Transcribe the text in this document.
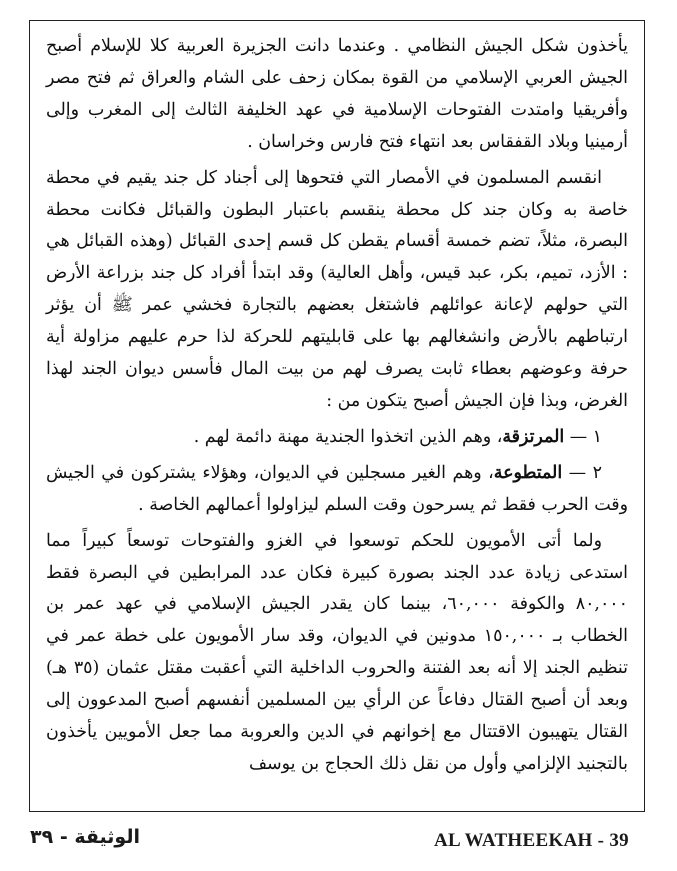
يأخذون شكل الجيش النظامي . وعندما دانت الجزيرة العربية كلا للإسلام أصبح الجيش العربي الإسلامي من القوة بمكان زحف على الشام والعراق ثم فتح مصر وأفريقيا وامتدت الفتوحات الإسلامية في عهد الخليفة الثالث إلى المغرب وإلى أرمينيا وبلاد القفقاس بعد انتهاء فتح فارس وخراسان .

انقسم المسلمون في الأمصار التي فتحوها إلى أجناد كل جند يقيم في محطة خاصة به وكان جند كل محطة ينقسم باعتبار البطون والقبائل فكانت محطة البصرة، مثلاً، تضم خمسة أقسام يقطن كل قسم إحدى القبائل (وهذه القبائل هي : الأزد، تميم، بكر، عبد قيس، وأهل العالية) وقد ابتدأ أفراد كل جند بزراعة الأرض التي حولهم لإعانة عوائلهم فاشتغل بعضهم بالتجارة فخشي عمر ﷺ أن يؤثر ارتباطهم بالأرض وانشغالهم بها على قابليتهم للحركة لذا حرم عليهم مزاولة أية حرفة وعوضهم بعطاء ثابت يصرف لهم من بيت المال فأسس ديوان الجند لهذا الغرض، وبذا فإن الجيش أصبح يتكون من :

١ — المرتزقة، وهم الذين اتخذوا الجندية مهنة دائمة لهم .

٢ — المتطوعة، وهم الغير مسجلين في الديوان، وهؤلاء يشتركون في الجيش وقت الحرب فقط ثم يسرحون وقت السلم ليزاولوا أعمالهم الخاصة .

ولما أتى الأمويون للحكم توسعوا في الغزو والفتوحات توسعاً كبيراً مما استدعى زيادة عدد الجند بصورة كبيرة فكان عدد المرابطين في البصرة فقط ٨٠,٠٠٠ والكوفة ٦٠,٠٠٠، بينما كان يقدر الجيش الإسلامي في عهد عمر بن الخطاب بـ ١٥٠,٠٠٠ مدونين في الديوان، وقد سار الأمويون على خطة عمر في تنظيم الجند إلا أنه بعد الفتنة والحروب الداخلية التي أعقبت مقتل عثمان (٣٥ هـ) وبعد أن أصبح القتال دفاعاً عن الرأي بين المسلمين أنفسهم أصبح المدعوون إلى القتال يتهيبون الاقتتال مع إخوانهم في الدين والعروبة مما جعل الأمويين يأخذون بالتجنيد الإلزامي وأول من نقل ذلك الحجاج بن يوسف

AL WATHEEKAH - 39
الوثيقة - ٣٩
